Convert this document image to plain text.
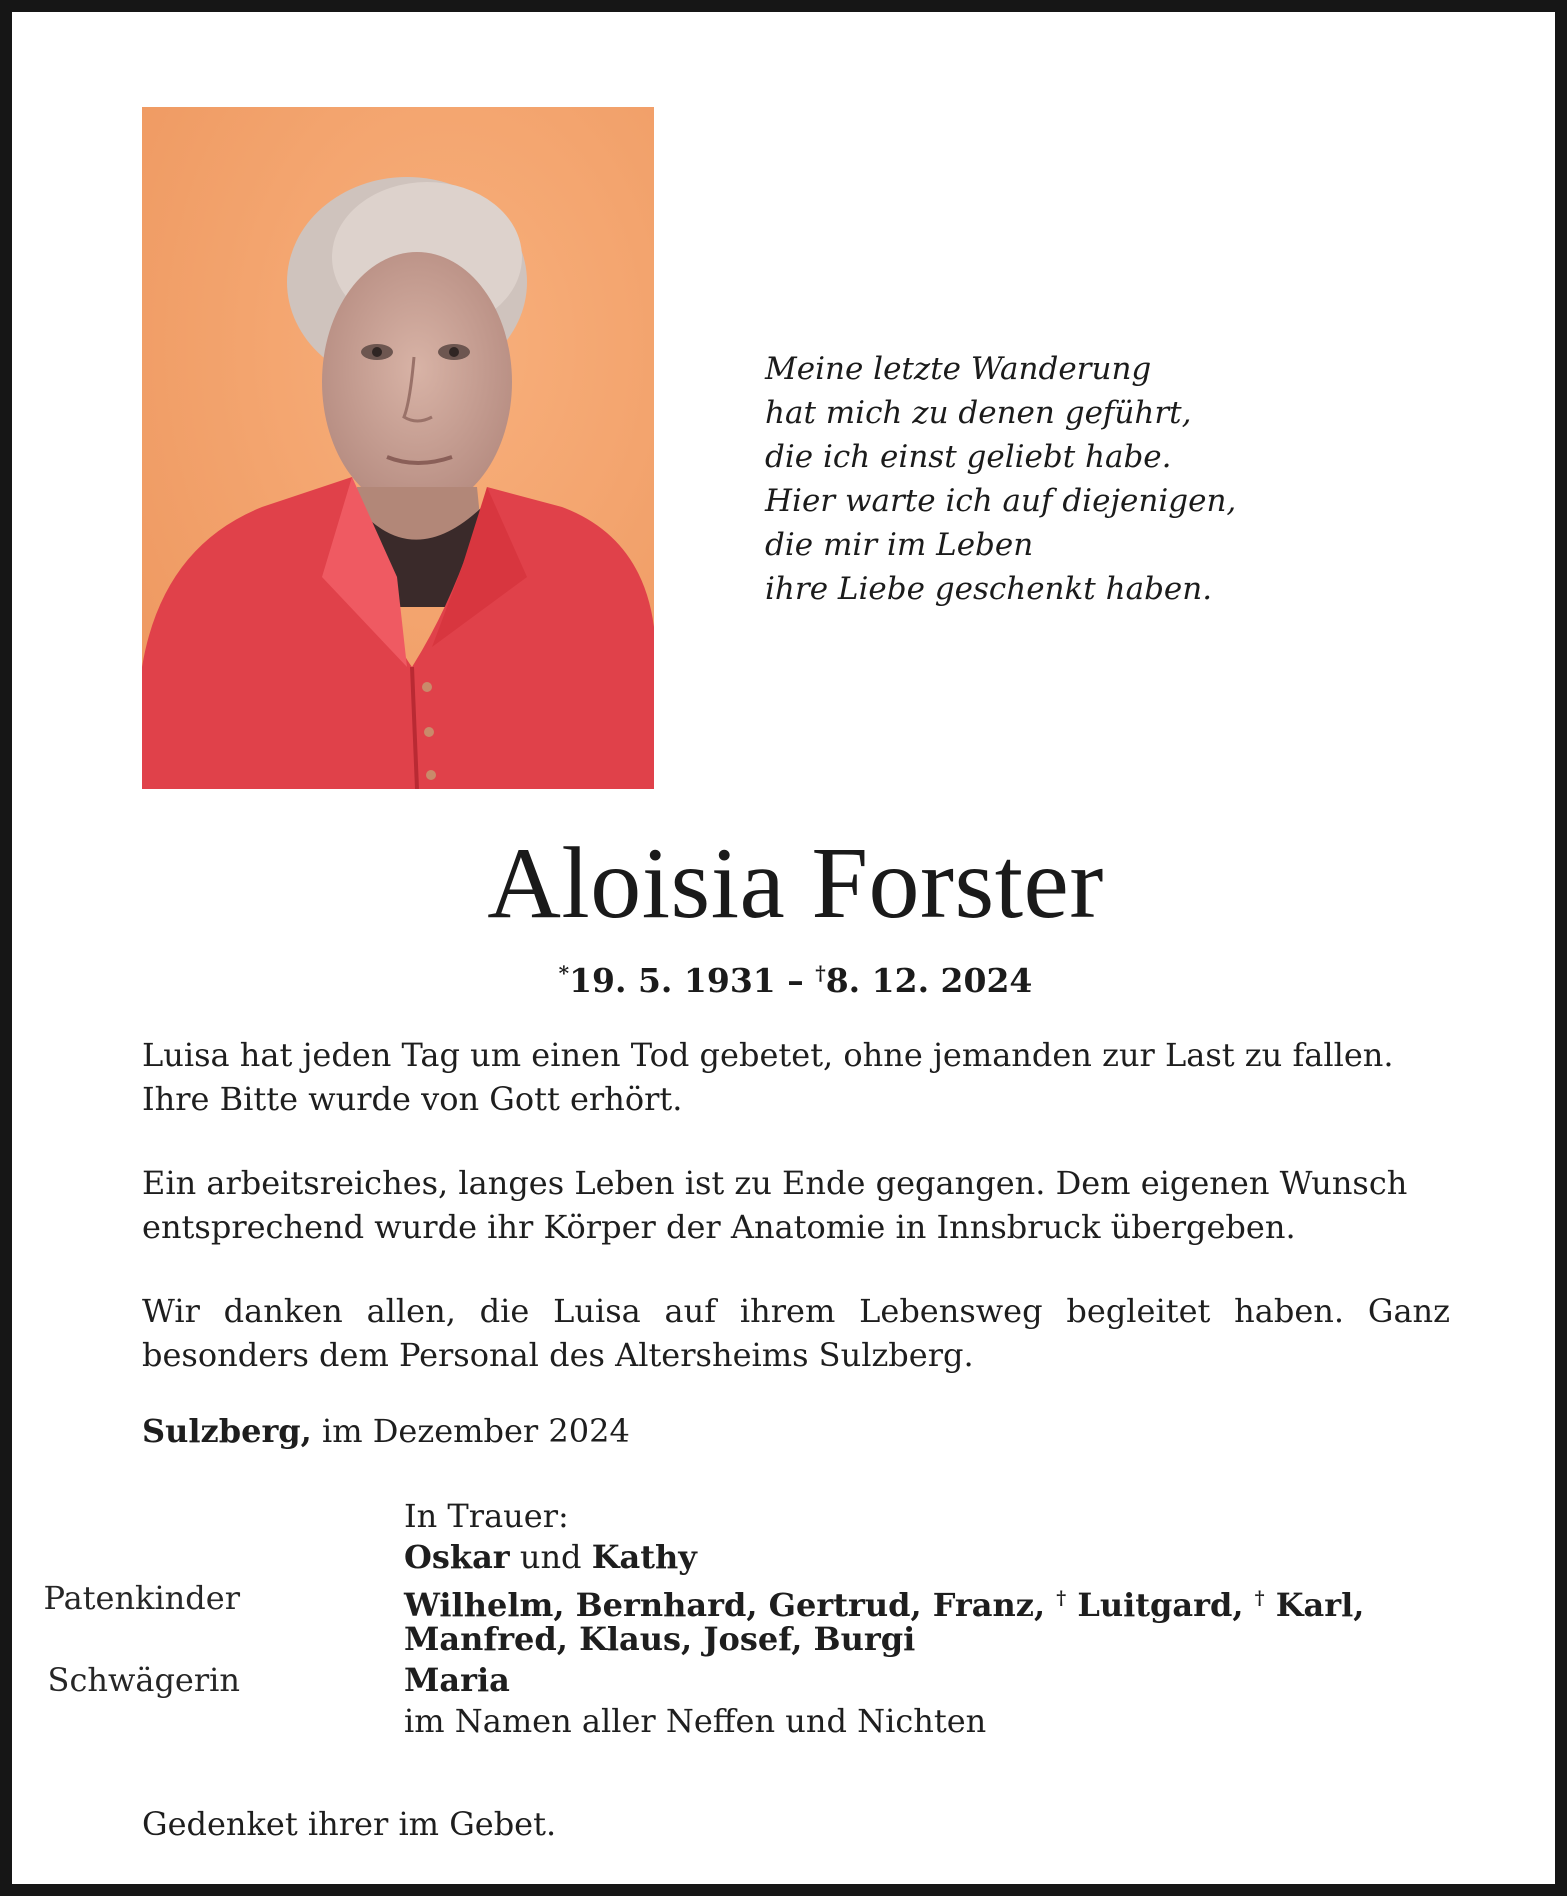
Meine letzte Wanderung
hat mich zu denen geführt,
die ich einst geliebt habe.
Hier warte ich auf diejenigen,
die mir im Leben
ihre Liebe geschenkt haben.
Aloisia Forster
*19. 5. 1931 – †8. 12. 2024

Luisa hat jeden Tag um einen Tod gebetet, ohne jemanden zur Last zu fallen. Ihre Bitte wurde von Gott erhört.

Ein arbeitsreiches, langes Leben ist zu Ende gegangen. Dem eigenen Wunsch entsprechend wurde ihr Körper der Anatomie in Innsbruck übergeben.

Wir danken allen, die Luisa auf ihrem Lebensweg begleitet haben. Ganz besonders dem Personal des Altersheims Sulzberg.

Sulzberg, im Dezember 2024

In Trauer:
Oskar und Kathy
Patenkinder	Wilhelm, Bernhard, Gertrud, Franz, † Luitgard, † Karl,
Manfred, Klaus, Josef, Burgi
Schwägerin	Maria
im Namen aller Neffen und Nichten
Gedenket ihrer im Gebet.
